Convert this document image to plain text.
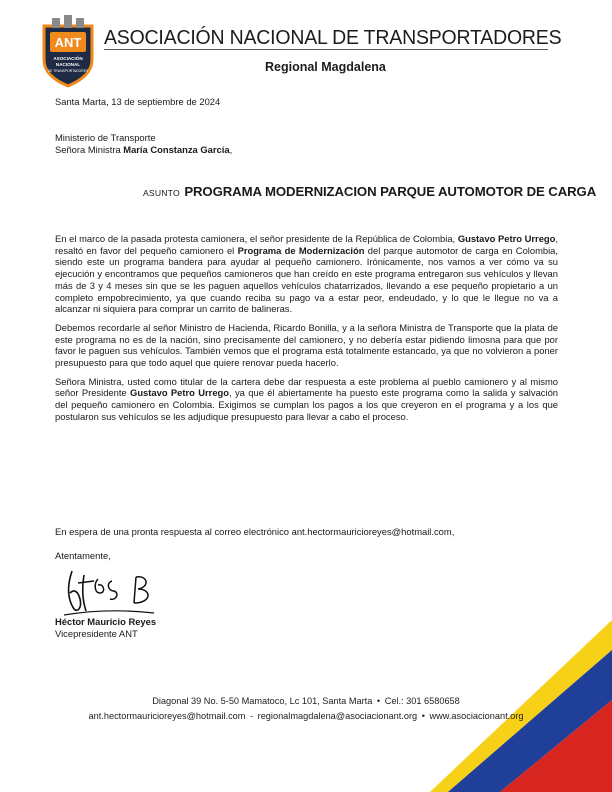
ANT
ASOCIACIÓN
NACIONAL
DE TRANSPORTADORES
ASOCIACIÓN NACIONAL DE TRANSPORTADORES
Regional Magdalena
Santa Marta, 13 de septiembre de 2024
Ministerio de Transporte
Señora Ministra María Constanza García,
ASUNTO PROGRAMA MODERNIZACION PARQUE AUTOMOTOR DE CARGA

En el marco de la pasada protesta camionera, el señor presidente de la República de Colombia, Gustavo Petro Urrego, resaltó en favor del pequeño camionero el Programa de Modernización del parque automotor de carga en Colombia, siendo este un programa bandera para ayudar al pequeño camionero. Irónicamente, nos vamos a ver cómo va su ejecución y encontramos que pequeños camioneros que han creído en este programa entregaron sus vehículos y llevan más de 3 y 4 meses sin que se les paguen aquellos vehículos chatarrizados, llevando a ese pequeño propietario a un completo empobrecimiento, ya que cuando reciba su pago va a estar peor, endeudado, y lo que le llegue no va a alcanzar ni siquiera para comprar un carrito de balineras.

Debemos recordarle al señor Ministro de Hacienda, Ricardo Bonilla, y a la señora Ministra de Transporte que la plata de este programa no es de la nación, sino precisamente del camionero, y no debería estar pidiendo limosna para que por favor le paguen sus vehículos. También vemos que el programa está totalmente estancado, ya que no volvieron a poner presupuesto para que todo aquel que quiere renovar pueda hacerlo.

Señora Ministra, usted como titular de la cartera debe dar respuesta a este problema al pueblo camionero y al mismo señor Presidente Gustavo Petro Urrego, ya que él abiertamente ha puesto este programa como la salida y salvación del pequeño camionero en Colombia. Exigimos se cumplan los pagos a los que creyeron en el programa y a los que postularon sus vehículos se les adjudique presupuesto para llevar a cabo el proceso.

En espera de una pronta respuesta al correo electrónico ant.hectormauricioreyes@hotmail.com,
Atentamente,
Héctor Mauricio Reyes
Vicepresidente ANT
Diagonal 39 No. 5-50 Mamatoco, Lc 101, Santa Marta • Cel.: 301 6580658
ant.hectormauricioreyes@hotmail.com - regionalmagdalena@asociacionant.org • www.asociacionant.org
